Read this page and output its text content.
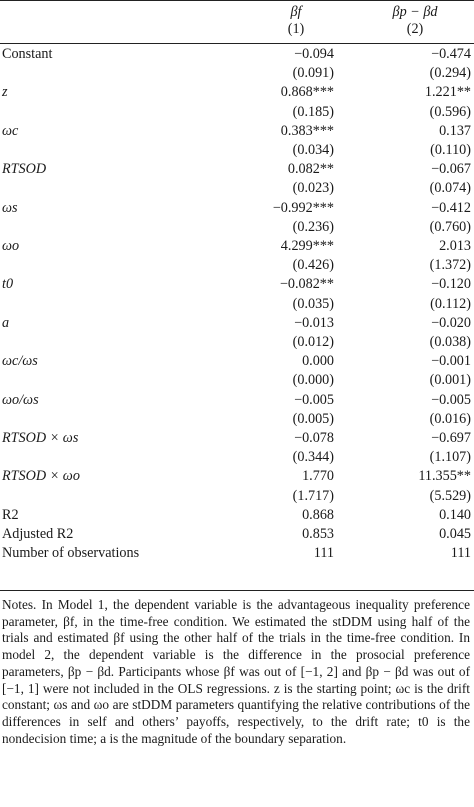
	βf	βp − βd
	(1)	(2)
Constant	−0.094	−0.474
	(0.091)	(0.294)
z	0.868***	1.221**
	(0.185)	(0.596)
ωc	0.383***	0.137
	(0.034)	(0.110)
RTSOD	0.082**	−0.067
	(0.023)	(0.074)
ωs	−0.992***	−0.412
	(0.236)	(0.760)
ωo	4.299***	2.013
	(0.426)	(1.372)
t0	−0.082**	−0.120
	(0.035)	(0.112)
a	−0.013	−0.020
	(0.012)	(0.038)
ωc/ωs	0.000	−0.001
	(0.000)	(0.001)
ωo/ωs	−0.005	−0.005
	(0.005)	(0.016)
RTSOD × ωs	−0.078	−0.697
	(0.344)	(1.107)
RTSOD × ωo	1.770	11.355**
	(1.717)	(5.529)
R2	0.868	0.140
Adjusted R2	0.853	0.045
Number of observations	111	111

Notes. In Model 1, the dependent variable is the advantageous inequality preference parameter, βf, in the time-free condition. We estimated the stDDM using half of the trials and estimated βf using the other half of the trials in the time-free condition. In model 2, the dependent variable is the difference in the prosocial preference parameters, βp − βd. Participants whose βf was out of [−1, 2] and βp − βd was out of [−1, 1] were not included in the OLS regressions. z is the starting point; ωc is the drift constant; ωs and ωo are stDDM parameters quantifying the relative contributions of the differences in self and others’ payoffs, respectively, to the drift rate; t0 is the nondecision time; a is the magnitude of the boundary separation.
